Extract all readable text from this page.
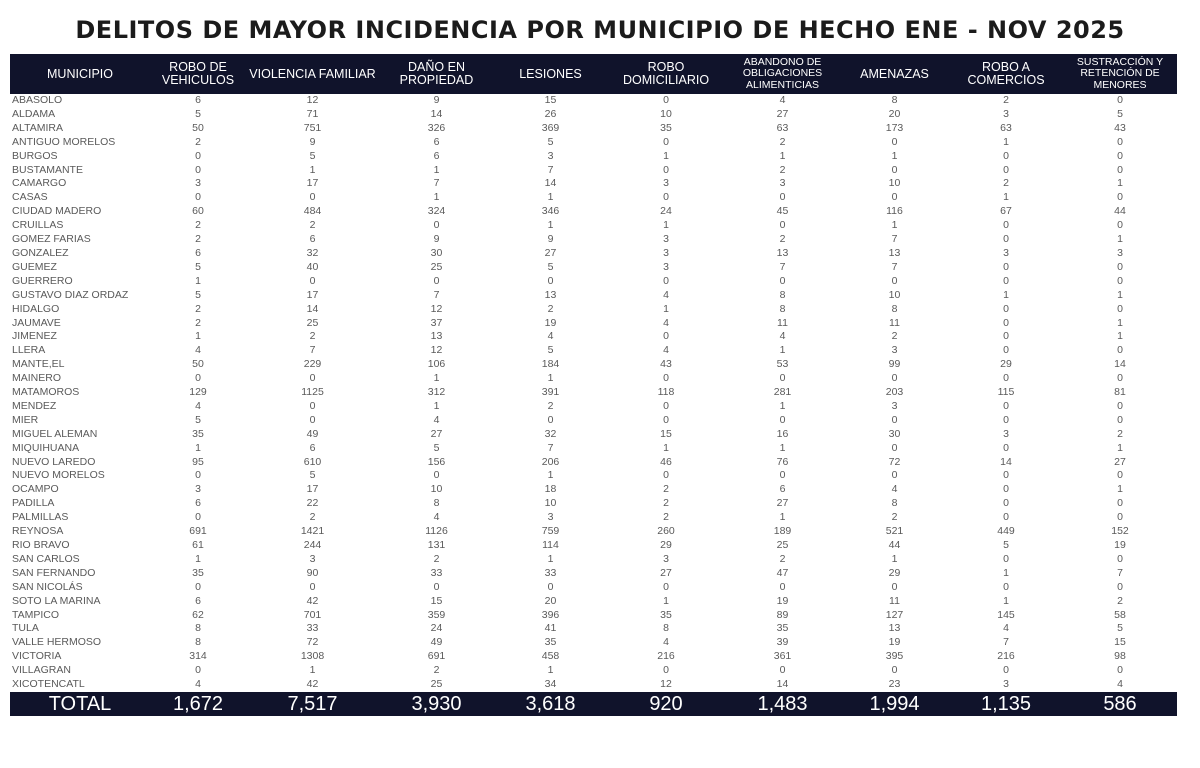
DELITOS DE MAYOR INCIDENCIA POR MUNICIPIO DE HECHO ENE - NOV 2025
MUNICIPIO	ROBO DE VEHICULOS	VIOLENCIA FAMILIAR	DAÑO EN PROPIEDAD	LESIONES	ROBO DOMICILIARIO	ABANDONO DE OBLIGACIONES ALIMENTICIAS	AMENAZAS	ROBO A COMERCIOS	SUSTRACCIÓN Y RETENCIÓN DE MENORES
ABASOLO	6	12	9	15	0	4	8	2	0
ALDAMA	5	71	14	26	10	27	20	3	5
ALTAMIRA	50	751	326	369	35	63	173	63	43
ANTIGUO MORELOS	2	9	6	5	0	2	0	1	0
BURGOS	0	5	6	3	1	1	1	0	0
BUSTAMANTE	0	1	1	7	0	2	0	0	0
CAMARGO	3	17	7	14	3	3	10	2	1
CASAS	0	0	1	1	0	0	0	1	0
CIUDAD MADERO	60	484	324	346	24	45	116	67	44
CRUILLAS	2	2	0	1	1	0	1	0	0
GOMEZ FARIAS	2	6	9	9	3	2	7	0	1
GONZALEZ	6	32	30	27	3	13	13	3	3
GUEMEZ	5	40	25	5	3	7	7	0	0
GUERRERO	1	0	0	0	0	0	0	0	0
GUSTAVO DIAZ ORDAZ	5	17	7	13	4	8	10	1	1
HIDALGO	2	14	12	2	1	8	8	0	0
JAUMAVE	2	25	37	19	4	11	11	0	1
JIMENEZ	1	2	13	4	0	4	2	0	1
LLERA	4	7	12	5	4	1	3	0	0
MANTE,EL	50	229	106	184	43	53	99	29	14
MAINERO	0	0	1	1	0	0	0	0	0
MATAMOROS	129	1125	312	391	118	281	203	115	81
MENDEZ	4	0	1	2	0	1	3	0	0
MIER	5	0	4	0	0	0	0	0	0
MIGUEL ALEMAN	35	49	27	32	15	16	30	3	2
MIQUIHUANA	1	6	5	7	1	1	0	0	1
NUEVO LAREDO	95	610	156	206	46	76	72	14	27
NUEVO MORELOS	0	5	0	1	0	0	0	0	0
OCAMPO	3	17	10	18	2	6	4	0	1
PADILLA	6	22	8	10	2	27	8	0	0
PALMILLAS	0	2	4	3	2	1	2	0	0
REYNOSA	691	1421	1126	759	260	189	521	449	152
RIO BRAVO	61	244	131	114	29	25	44	5	19
SAN CARLOS	1	3	2	1	3	2	1	0	0
SAN FERNANDO	35	90	33	33	27	47	29	1	7
SAN NICOLÁS	0	0	0	0	0	0	0	0	0
SOTO LA MARINA	6	42	15	20	1	19	11	1	2
TAMPICO	62	701	359	396	35	89	127	145	58
TULA	8	33	24	41	8	35	13	4	5
VALLE HERMOSO	8	72	49	35	4	39	19	7	15
VICTORIA	314	1308	691	458	216	361	395	216	98
VILLAGRAN	0	1	2	1	0	0	0	0	0
XICOTENCATL	4	42	25	34	12	14	23	3	4
TOTAL	1,672	7,517	3,930	3,618	920	1,483	1,994	1,135	586
